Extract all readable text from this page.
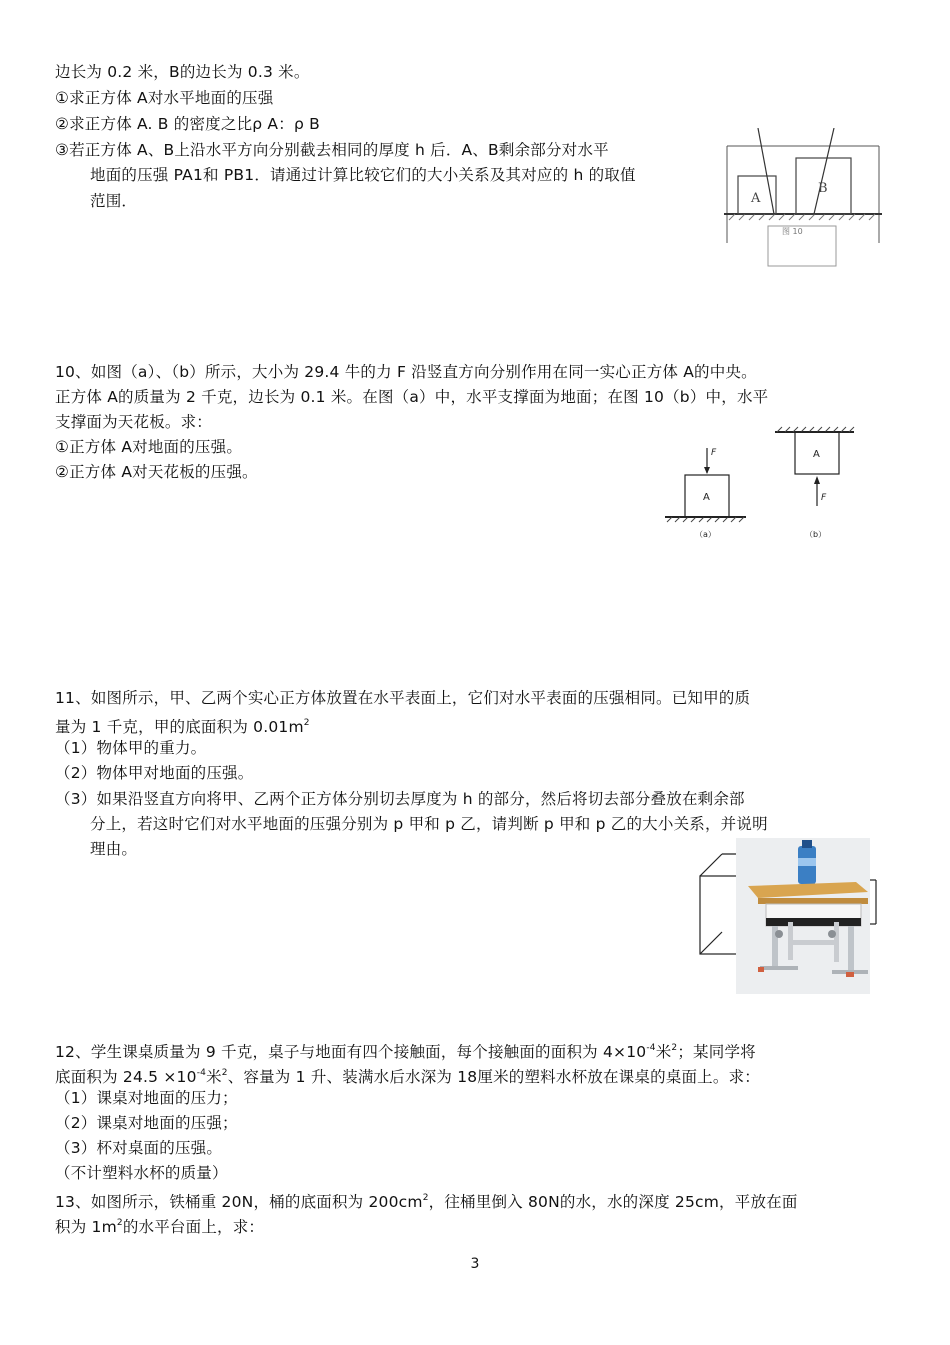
边长为 0.2 米，B的边长为 0.3 米。
①求正方体 A对水平地面的压强
②求正方体 A. B 的密度之比ρ A：ρ B
③若正方体 A、B上沿水平方向分别截去相同的厚度 h 后．A、B剩余部分对水平
地面的压强 PA1和 PB1．请通过计算比较它们的大小关系及其对应的 h 的取值
范围．	A
B
图 10
10、如图（a）、（b）所示，大小为 29.4 牛的力 F 沿竖直方向分别作用在同一实心正方体 A的中央。
正方体 A的质量为 2 千克，边长为 0.1 米。在图（a）中，水平支撑面为地面；在图 10（b）中，水平
支撑面为天花板。求：
①正方体 A对地面的压强。
②正方体 A对天花板的压强。
A
F
（a）
A
F
（b）
11、如图所示，甲、乙两个实心正方体放置在水平表面上，它们对水平表面的压强相同。已知甲的质
量为 1 千克，甲的底面积为 $0.01m^2$
（1）物体甲的重力。
（2）物体甲对地面的压强。
（3）如果沿竖直方向将甲、乙两个正方体分别切去厚度为 h 的部分，然后将切去部分叠放在剩余部
分上，若这时它们对水平地面的压强分别为 p 甲和 p 乙，请判断 p 甲和 p 乙的大小关系，并说明
理由。
12、学生课桌质量为 9 千克，桌子与地面有四个接触面，每个接触面的面积为 $4\times 10^{-4}$米$^2$；某同学将
底面积为 $24.5 \times 10^{-4}$米$^2$、容量为 1 升、装满水后水深为 18厘米的塑料水杯放在课桌的桌面上。求：
（1）课桌对地面的压力；
（2）课桌对地面的压强；
（3）杯对桌面的压强。
（不计塑料水杯的质量）
13、如图所示，铁桶重 20N，桶的底面积为 $200cm^2$，往桶里倒入 80N的水，水的深度 25cm，平放在面
积为 $1m^2$的水平台面上，求：
3
